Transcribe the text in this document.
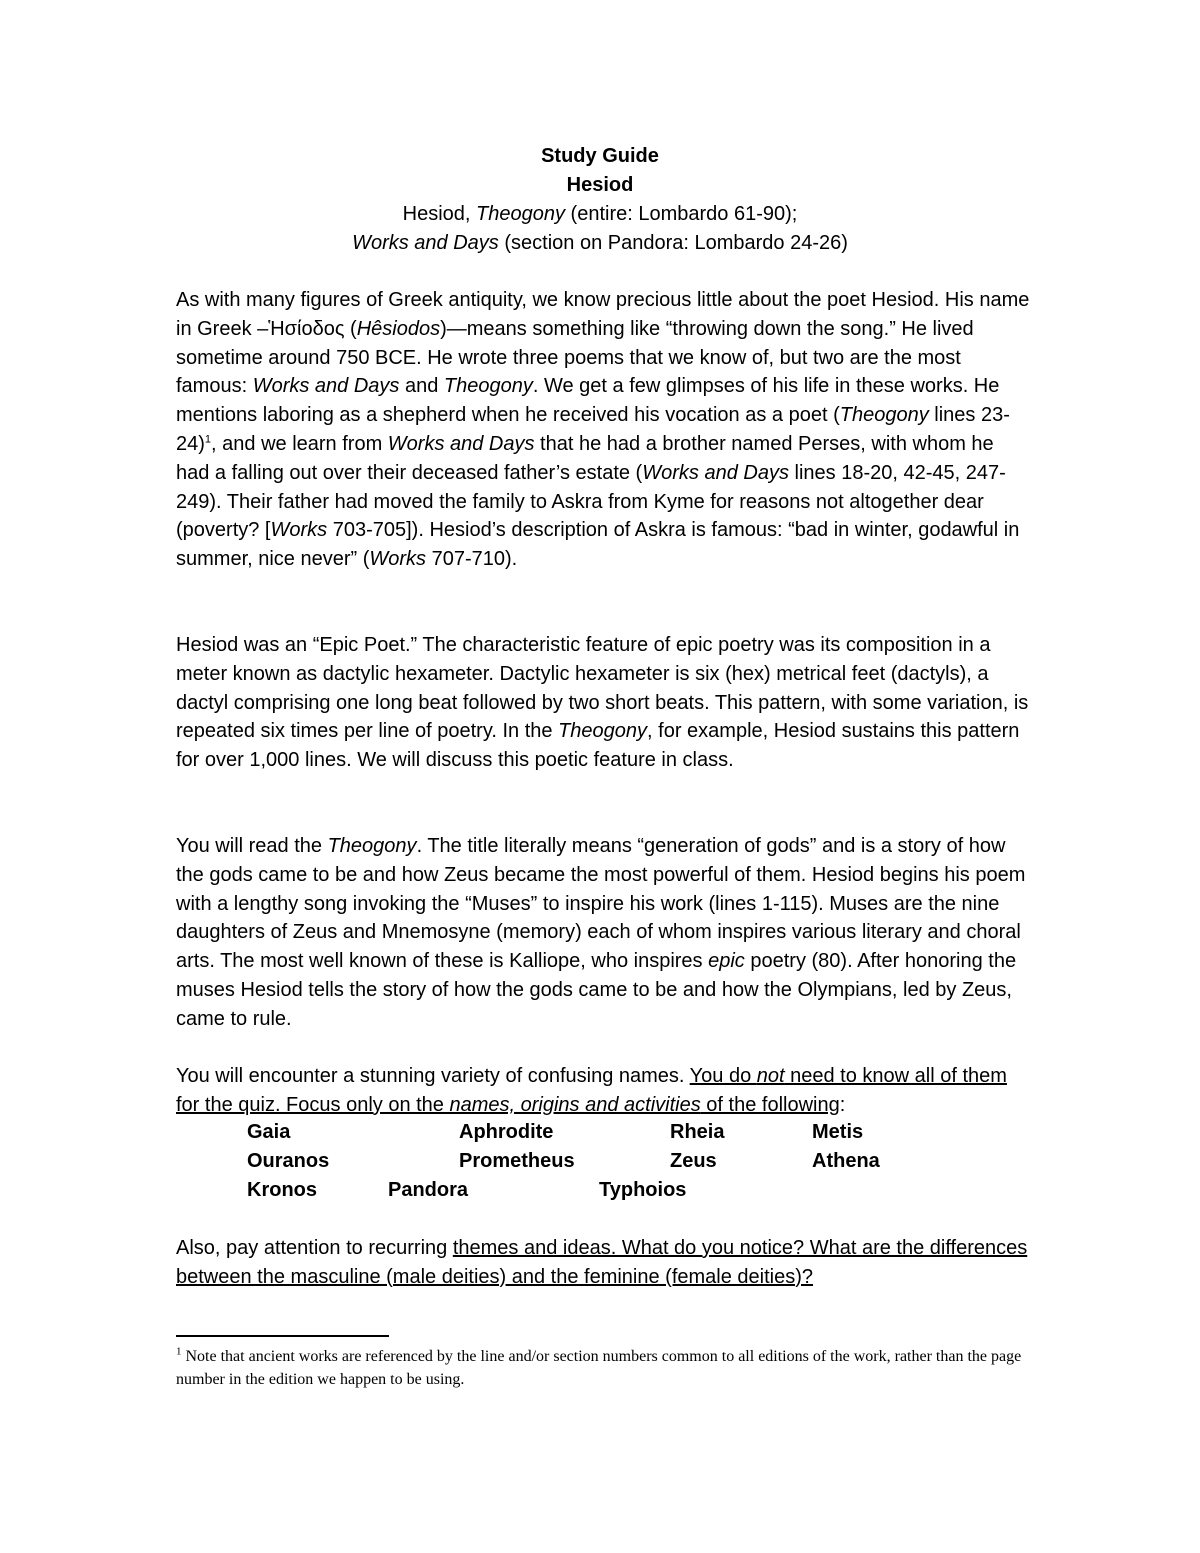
Study Guide
Hesiod
Hesiod, Theogony (entire: Lombardo 61-90);
Works and Days (section on Pandora: Lombardo 24-26)
As with many figures of Greek antiquity, we know precious little about the poet Hesiod. His name in Greek –Ἡσίοδος (Hêsiodos)—means something like “throwing down the song.” He lived sometime around 750 BCE. He wrote three poems that we know of, but two are the most famous: Works and Days and Theogony. We get a few glimpses of his life in these works. He mentions laboring as a shepherd when he received his vocation as a poet (Theogony lines 23-24)$^1$, and we learn from Works and Days that he had a brother named Perses, with whom he had a falling out over their deceased father’s estate (Works and Days lines 18-20, 42-45, 247-249). Their father had moved the family to Askra from Kyme for reasons not altogether dear (poverty? [Works 703-705]). Hesiod’s description of Askra is famous: “bad in winter, godawful in summer, nice never” (Works 707-710).
Hesiod was an “Epic Poet.” The characteristic feature of epic poetry was its composition in a meter known as dactylic hexameter. Dactylic hexameter is six (hex) metrical feet (dactyls), a dactyl comprising one long beat followed by two short beats. This pattern, with some variation, is repeated six times per line of poetry. In the Theogony, for example, Hesiod sustains this pattern for over 1,000 lines. We will discuss this poetic feature in class.
You will read the Theogony. The title literally means “generation of gods” and is a story of how the gods came to be and how Zeus became the most powerful of them. Hesiod begins his poem with a lengthy song invoking the “Muses” to inspire his work (lines 1-115). Muses are the nine daughters of Zeus and Mnemosyne (memory) each of whom inspires various literary and choral arts. The most well known of these is Kalliope, who inspires epic poetry (80). After honoring the muses Hesiod tells the story of how the gods came to be and how the Olympians, led by Zeus, came to rule.
You will encounter a stunning variety of confusing names. You do not need to know all of them for the quiz. Focus only on the names, origins and activities of the following:
Gaia	Aphrodite	Rheia	Metis
Ouranos	Prometheus	Zeus	Athena
Kronos	Pandora	Typhoios
Also, pay attention to recurring themes and ideas. What do you notice? What are the differences between the masculine (male deities) and the feminine (female deities)?
$^1$ Note that ancient works are referenced by the line and/or section numbers common to all editions of the work, rather than the page number in the edition we happen to be using.
